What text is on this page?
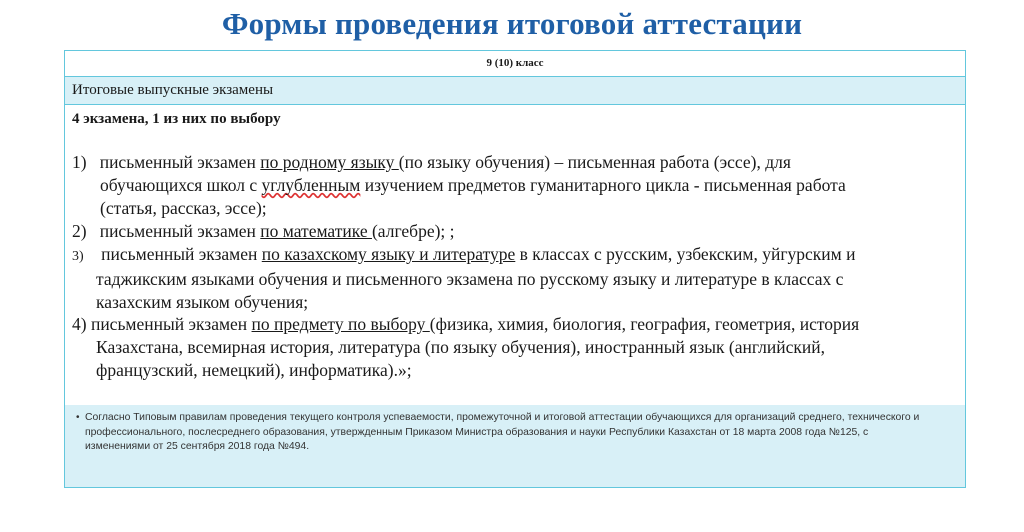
Формы проведения итоговой аттестации
9 (10) класс
Итоговые выпускные экзамены
4 экзамена, 1 из них по выбору
1) письменный экзамен по родному языку (по языку обучения) – письменная работа (эссе), для
обучающихся школ с углубленным изучением предметов гуманитарного цикла - письменная работа
(статья, рассказ, эссе);
2) письменный экзамен по математике (алгебре); ;
3) письменный экзамен по казахскому языку и литературе в классах с русским, узбекским, уйгурским и
таджикским языками обучения и письменного экзамена по русскому языку и литературе в классах с
казахским языком обучения;
4) письменный экзамен по предмету по выбору (физика, химия, биология, география, геометрия, история
Казахстана, всемирная история, литература (по языку обучения), иностранный язык (английский,
французский, немецкий), информатика).»;
• Согласно Типовым правилам проведения текущего контроля успеваемости, промежуточной и итоговой аттестации обучающихся для организаций среднего, технического и
профессионального, послесреднего образования, утвержденным Приказом Министра образования и науки Республики Казахстан от 18 марта 2008 года №125, с
изменениями от 25 сентября 2018 года №494.
